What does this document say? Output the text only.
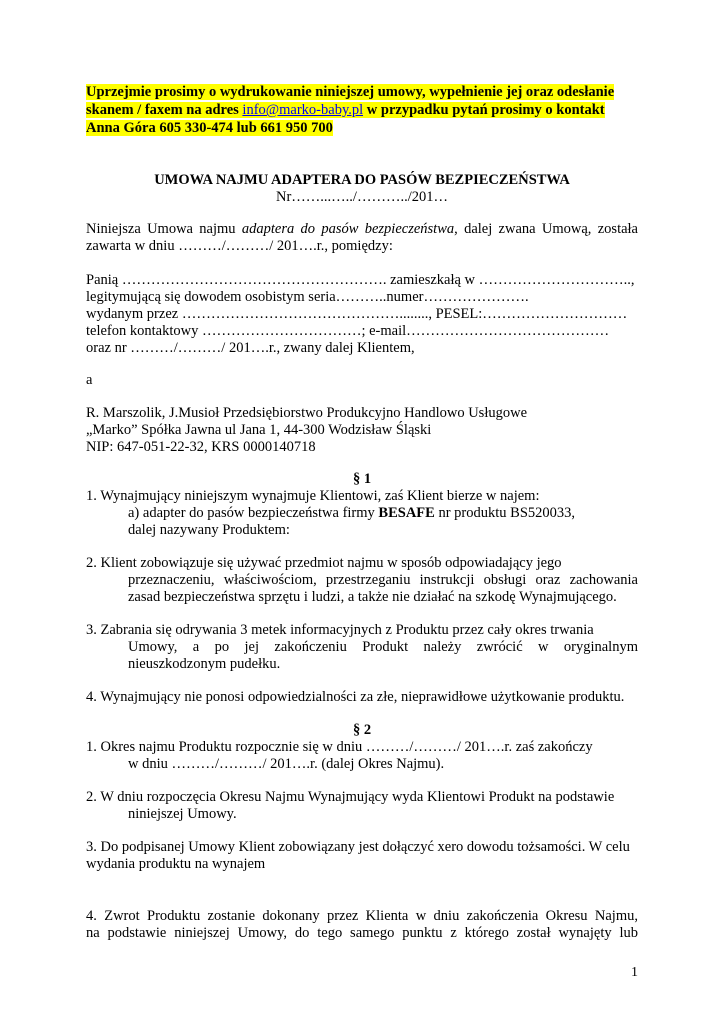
Uprzejmie prosimy o wydrukowanie niniejszej umowy, wypełnienie jej oraz odesłanie
skanem / faxem na adres info@marko-baby.pl w przypadku pytań prosimy o kontakt
Anna Góra 605 330-474 lub 661 950 700
UMOWA NAJMU ADAPTERA DO PASÓW BEZPIECZEŃSTWA
Nr……...…../………../201…
Niniejsza Umowa najmu adaptera do pasów bezpieczeństwa, dalej zwana Umową, została
zawarta w dniu ………/………/ 201….r., pomiędzy:
Panią ………………………………………………. zamieszkałą w …………………………..,
legitymującą się dowodem osobistym seria………..numer………………….
wydanym przez ………………………………………........, PESEL:…………………………
telefon kontaktowy ……………………………; e-mail……………………………………
oraz nr ………/………/ 201….r., zwany dalej Klientem,
a
R. Marszolik, J.Musioł Przedsiębiorstwo Produkcyjno Handlowo Usługowe
„Marko” Spółka Jawna ul Jana 1, 44-300 Wodzisław Śląski
NIP: 647-051-22-32, KRS 0000140718
§ 1
1. Wynajmujący niniejszym wynajmuje Klientowi, zaś Klient bierze w najem:
a) adapter do pasów bezpieczeństwa firmy BESAFE nr produktu BS520033,
dalej nazywany Produktem:
2. Klient zobowiązuje się używać przedmiot najmu w sposób odpowiadający jego
przeznaczeniu, właściwościom, przestrzeganiu instrukcji obsługi oraz zachowania
zasad bezpieczeństwa sprzętu i ludzi, a także nie działać na szkodę Wynajmującego.
3. Zabrania się odrywania 3 metek informacyjnych z Produktu przez cały okres trwania
Umowy, a po jej zakończeniu Produkt należy zwrócić w oryginalnym
nieuszkodzonym pudełku.
4. Wynajmujący nie ponosi odpowiedzialności za złe, nieprawidłowe użytkowanie produktu.
§ 2
1. Okres najmu Produktu rozpocznie się w dniu ………/………/ 201….r. zaś zakończy
w dniu ………/………/ 201….r. (dalej Okres Najmu).
2. W dniu rozpoczęcia Okresu Najmu Wynajmujący wyda Klientowi Produkt na podstawie
niniejszej Umowy.
3. Do podpisanej Umowy Klient zobowiązany jest dołączyć xero dowodu tożsamości. W celu
wydania produktu na wynajem
4. Zwrot Produktu zostanie dokonany przez Klienta w dniu zakończenia Okresu Najmu,
na podstawie niniejszej Umowy, do tego samego punktu z którego został wynajęty lub
1
